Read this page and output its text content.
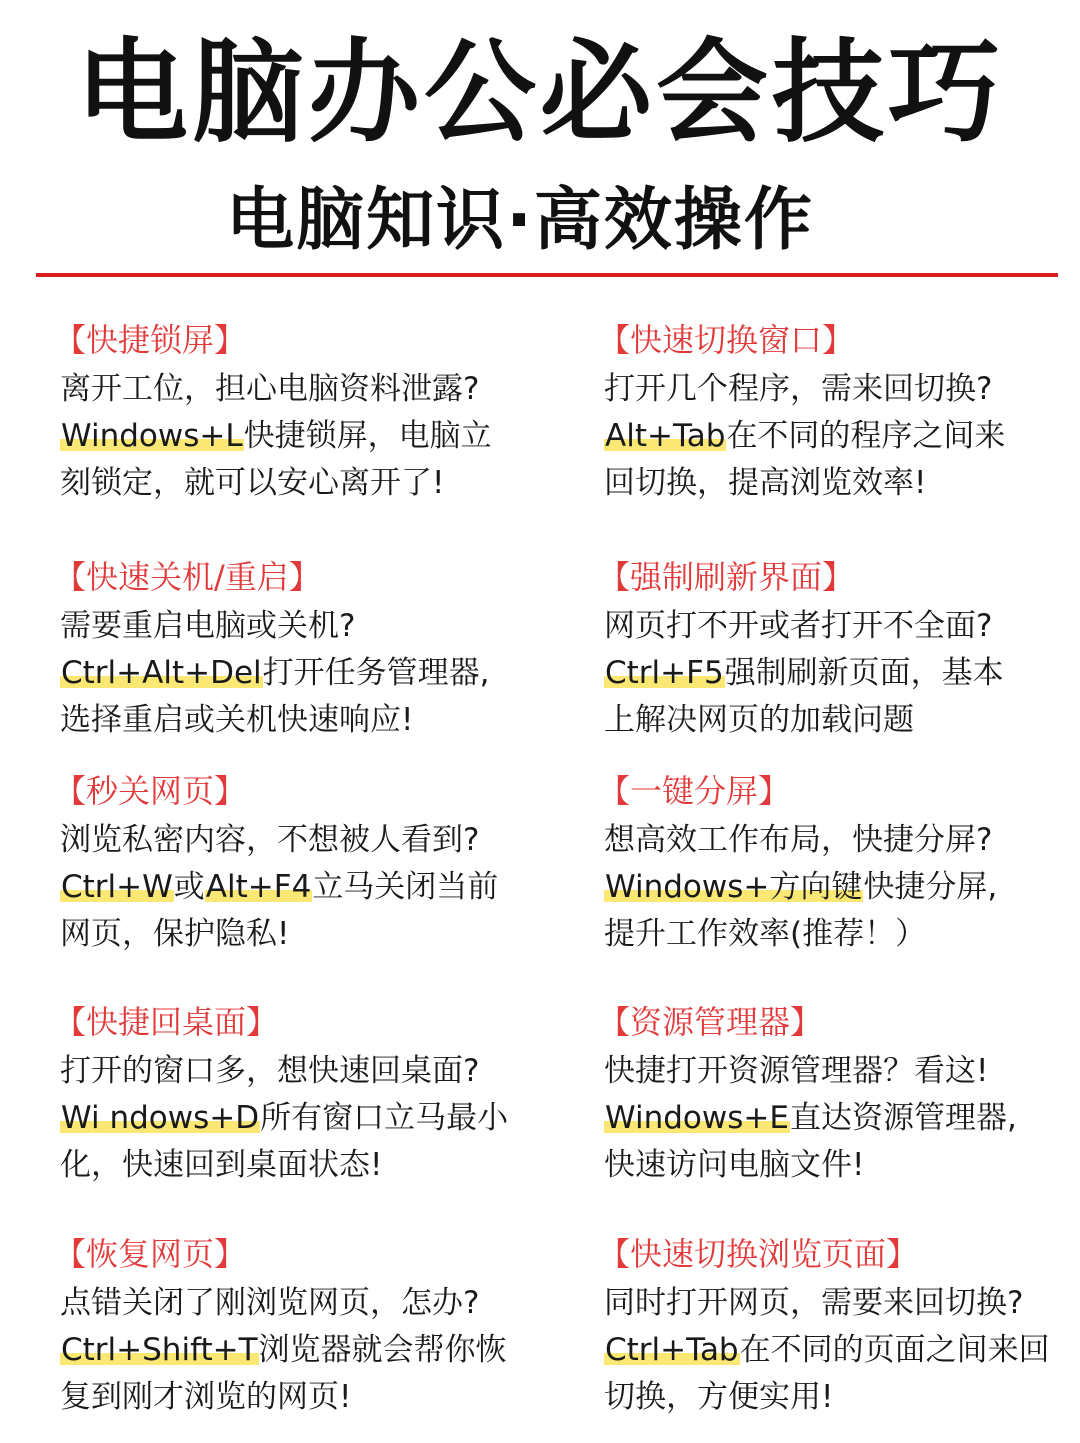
电脑办公必会技巧
电脑知识·高效操作
【快捷锁屏】
离开工位，担心电脑资料泄露?
Windows+L快捷锁屏，电脑立
刻锁定，就可以安心离开了!
【快速切换窗口】
打开几个程序，需来回切换?
Alt+Tab在不同的程序之间来
回切换，提高浏览效率!
【快速关机/重启】
需要重启电脑或关机?
Ctrl+Alt+Del打开任务管理器,
选择重启或关机快速响应!
【强制刷新界面】
网页打不开或者打开不全面?
Ctrl+F5强制刷新页面，基本
上解决网页的加载问题
【秒关网页】
浏览私密内容，不想被人看到?
Ctrl+W或Alt+F4立马关闭当前
网页，保护隐私!
【一键分屏】
想高效工作布局，快捷分屏?
Windows+方向键快捷分屏,
提升工作效率(推荐！）
【快捷回桌面】
打开的窗口多，想快速回桌面?
Wi ndows+D所有窗口立马最小
化，快速回到桌面状态!
【资源管理器】
快捷打开资源管理器？看这!
Windows+E直达资源管理器,
快速访问电脑文件!
【恢复网页】
点错关闭了刚浏览网页，怎办?
Ctrl+Shift+T浏览器就会帮你恢
复到刚才浏览的网页!
【快速切换浏览页面】
同时打开网页，需要来回切换?
Ctrl+Tab在不同的页面之间来回
切换，方便实用!
